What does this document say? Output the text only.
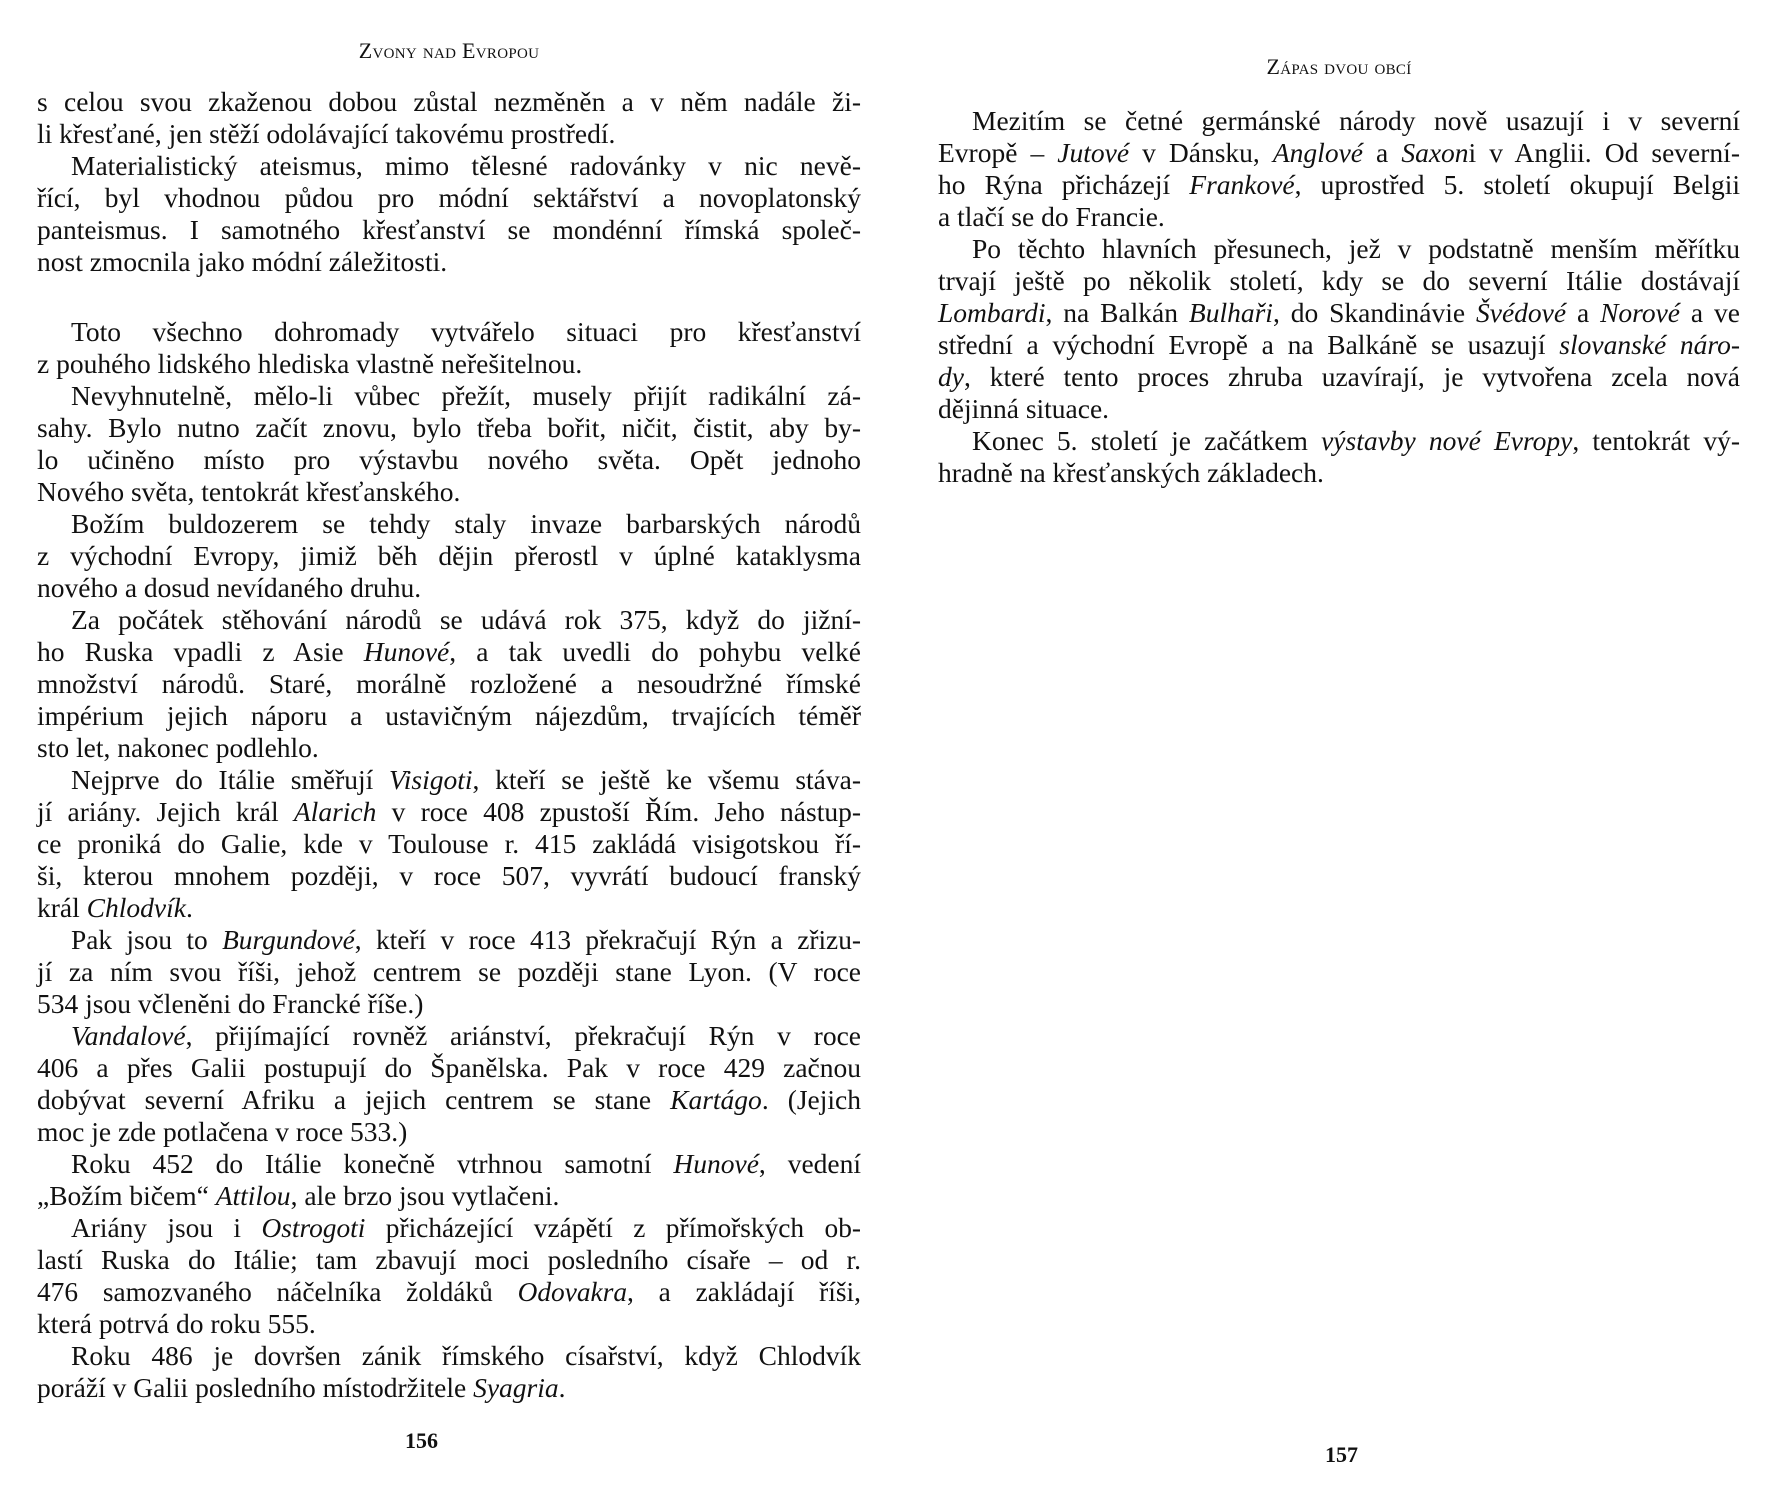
Zvony nad Evropou
s celou svou zkaženou dobou zůstal nezměněn a v něm nadále ži-
li křesťané, jen stěží odolávající takovému prostředí.
Materialistický ateismus, mimo tělesné radovánky v nic nevě-
řící, byl vhodnou půdou pro módní sektářství a novoplatonský
panteismus. I samotného křesťanství se mondénní římská společ-
nost zmocnila jako módní záležitosti.
Toto všechno dohromady vytvářelo situaci pro křesťanství
z pouhého lidského hlediska vlastně neřešitelnou.
Nevyhnutelně, mělo-li vůbec přežít, musely přijít radikální zá-
sahy. Bylo nutno začít znovu, bylo třeba bořit, ničit, čistit, aby by-
lo učiněno místo pro výstavbu nového světa. Opět jednoho
Nového světa, tentokrát křesťanského.
Božím buldozerem se tehdy staly invaze barbarských národů
z východní Evropy, jimiž běh dějin přerostl v úplné kataklysma
nového a dosud nevídaného druhu.
Za počátek stěhování národů se udává rok 375, když do jižní-
ho Ruska vpadli z Asie Hunové, a tak uvedli do pohybu velké
množství národů. Staré, morálně rozložené a nesoudržné římské
impérium jejich náporu a ustavičným nájezdům, trvajících téměř
sto let, nakonec podlehlo.
Nejprve do Itálie směřují Visigoti, kteří se ještě ke všemu stáva-
jí ariány. Jejich král Alarich v roce 408 zpustoší Řím. Jeho nástup-
ce proniká do Galie, kde v Toulouse r. 415 zakládá visigotskou ří-
ši, kterou mnohem později, v roce 507, vyvrátí budoucí franský
král Chlodvík.
Pak jsou to Burgundové, kteří v roce 413 překračují Rýn a zřizu-
jí za ním svou říši, jehož centrem se později stane Lyon. (V roce
534 jsou včleněni do Francké říše.)
Vandalové, přijímající rovněž ariánství, překračují Rýn v roce
406 a přes Galii postupují do Španělska. Pak v roce 429 začnou
dobývat severní Afriku a jejich centrem se stane Kartágo. (Jejich
moc je zde potlačena v roce 533.)
Roku 452 do Itálie konečně vtrhnou samotní Hunové, vedení
„Božím bičem“ Attilou, ale brzo jsou vytlačeni.
Ariány jsou i Ostrogoti přicházející vzápětí z přímořských ob-
lastí Ruska do Itálie; tam zbavují moci posledního císaře – od r.
476 samozvaného náčelníka žoldáků Odovakra, a zakládají říši,
která potrvá do roku 555.
Roku 486 je dovršen zánik římského císařství, když Chlodvík
poráží v Galii posledního místodržitele Syagria.
156
Zápas dvou obcí
Mezitím se četné germánské národy nově usazují i v severní
Evropě – Jutové v Dánsku, Anglové a Saxoni v Anglii. Od severní-
ho Rýna přicházejí Frankové, uprostřed 5. století okupují Belgii
a tlačí se do Francie.
Po těchto hlavních přesunech, jež v podstatně menším měřítku
trvají ještě po několik století, kdy se do severní Itálie dostávají
Lombardi, na Balkán Bulhaři, do Skandinávie Švédové a Norové a ve
střední a východní Evropě a na Balkáně se usazují slovanské náro-
dy, které tento proces zhruba uzavírají, je vytvořena zcela nová
dějinná situace.
Konec 5. století je začátkem výstavby nové Evropy, tentokrát vý-
hradně na křesťanských základech.
157
